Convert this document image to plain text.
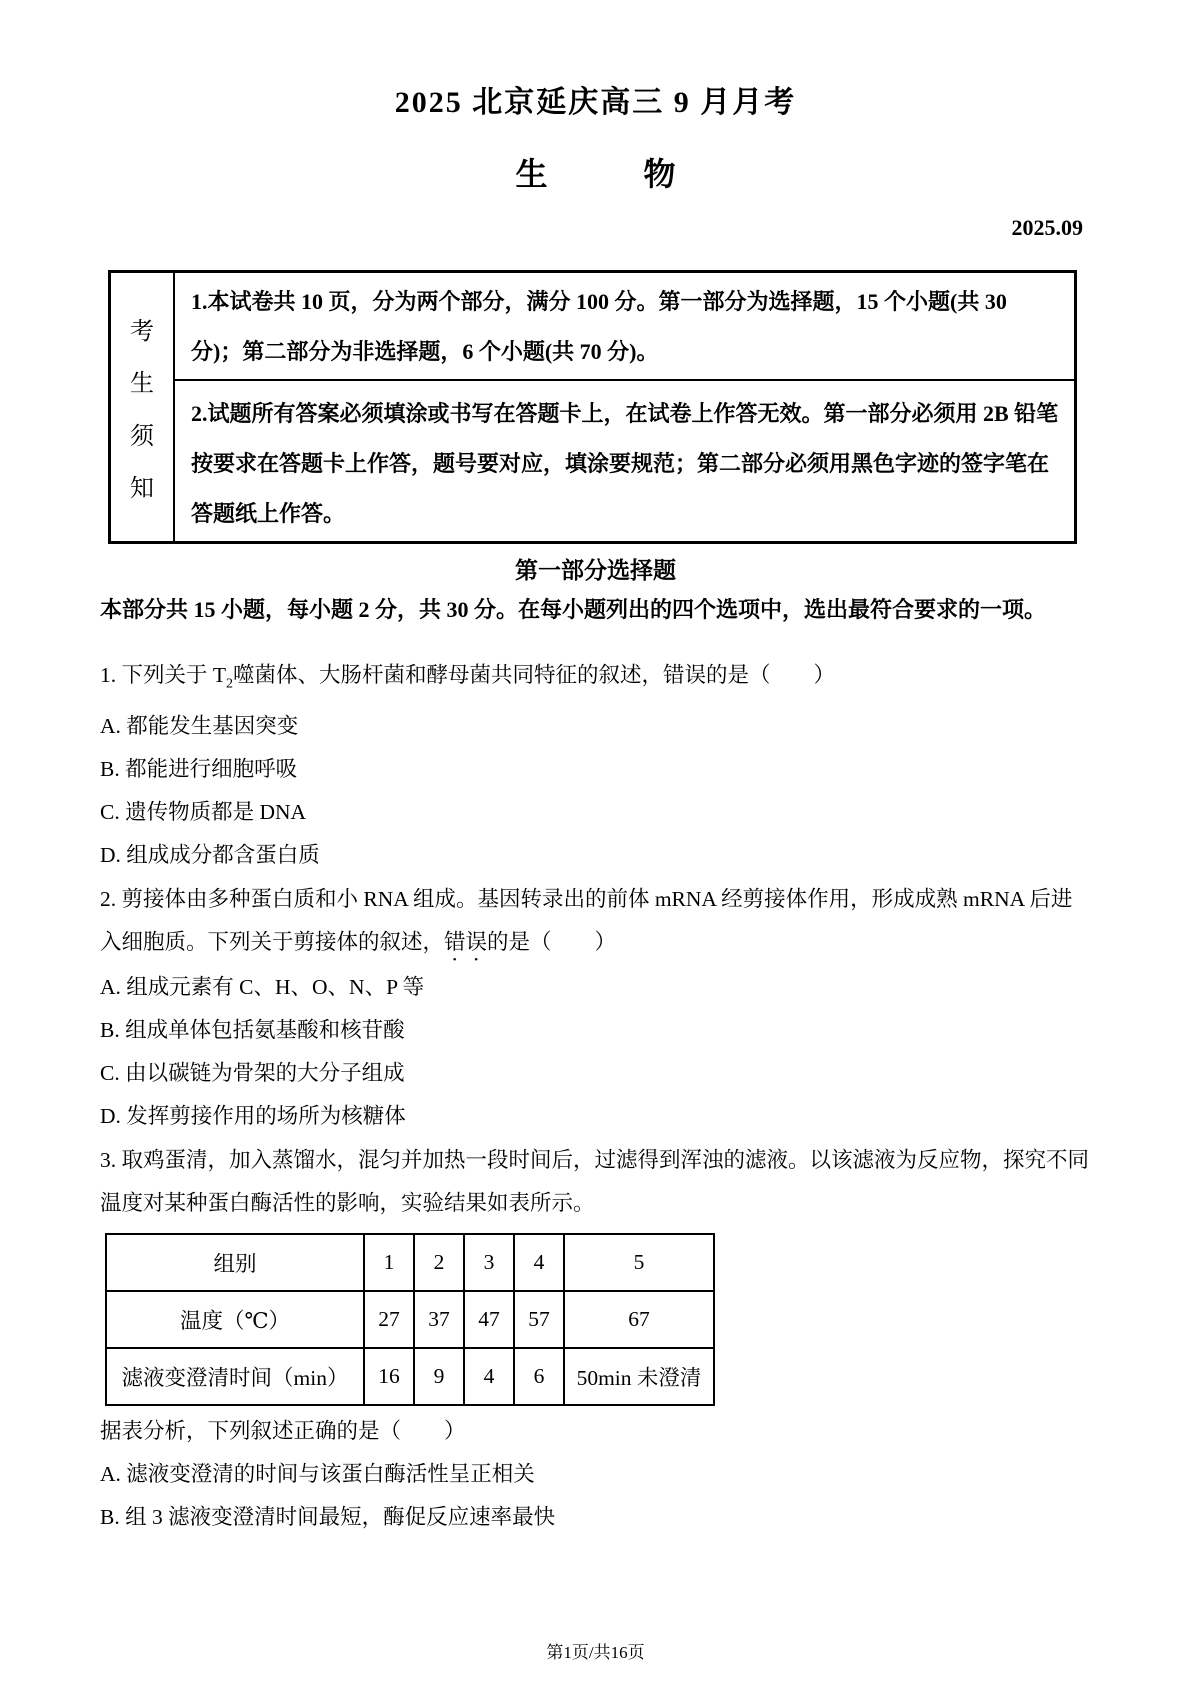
2025 北京延庆高三 9 月月考
生	物
2025.09
考
生
须
知
1.本试卷共 10 页，分为两个部分，满分 100 分。第一部分为选择题，15 个小题(共 30 分)；第二部分为非选择题，6 个小题(共 70 分)。
2.试题所有答案必须填涂或书写在答题卡上，在试卷上作答无效。第一部分必须用 2B 铅笔按要求在答题卡上作答，题号要对应，填涂要规范；第二部分必须用黑色字迹的签字笔在答题纸上作答。
第一部分选择题

本部分共 15 小题，每小题 2 分，共 30 分。在每小题列出的四个选项中，选出最符合要求的一项。

1. 下列关于 $T_2$噬菌体、大肠杆菌和酵母菌共同特征的叙述，错误的是（　　）

A. 都能发生基因突变

B. 都能进行细胞呼吸

C. 遗传物质都是 DNA

D. 组成成分都含蛋白质

2. 剪接体由多种蛋白质和小 RNA 组成。基因转录出的前体 mRNA 经剪接体作用，形成成熟 mRNA 后进入细胞质。下列关于剪接体的叙述，错误的是（　　）

A. 组成元素有 C、H、O、N、P 等

B. 组成单体包括氨基酸和核苷酸

C. 由以碳链为骨架的大分子组成

D. 发挥剪接作用的场所为核糖体

3. 取鸡蛋清，加入蒸馏水，混匀并加热一段时间后，过滤得到浑浊的滤液。以该滤液为反应物，探究不同温度对某种蛋白酶活性的影响，实验结果如表所示。

组别	1	2	3	4	5
温度（℃）	27	37	47	57	67
滤液变澄清时间（min）	16	9	4	6	50min 未澄清

据表分析，下列叙述正确的是（　　）

A. 滤液变澄清的时间与该蛋白酶活性呈正相关

B. 组 3 滤液变澄清时间最短，酶促反应速率最快

第1页/共16页
